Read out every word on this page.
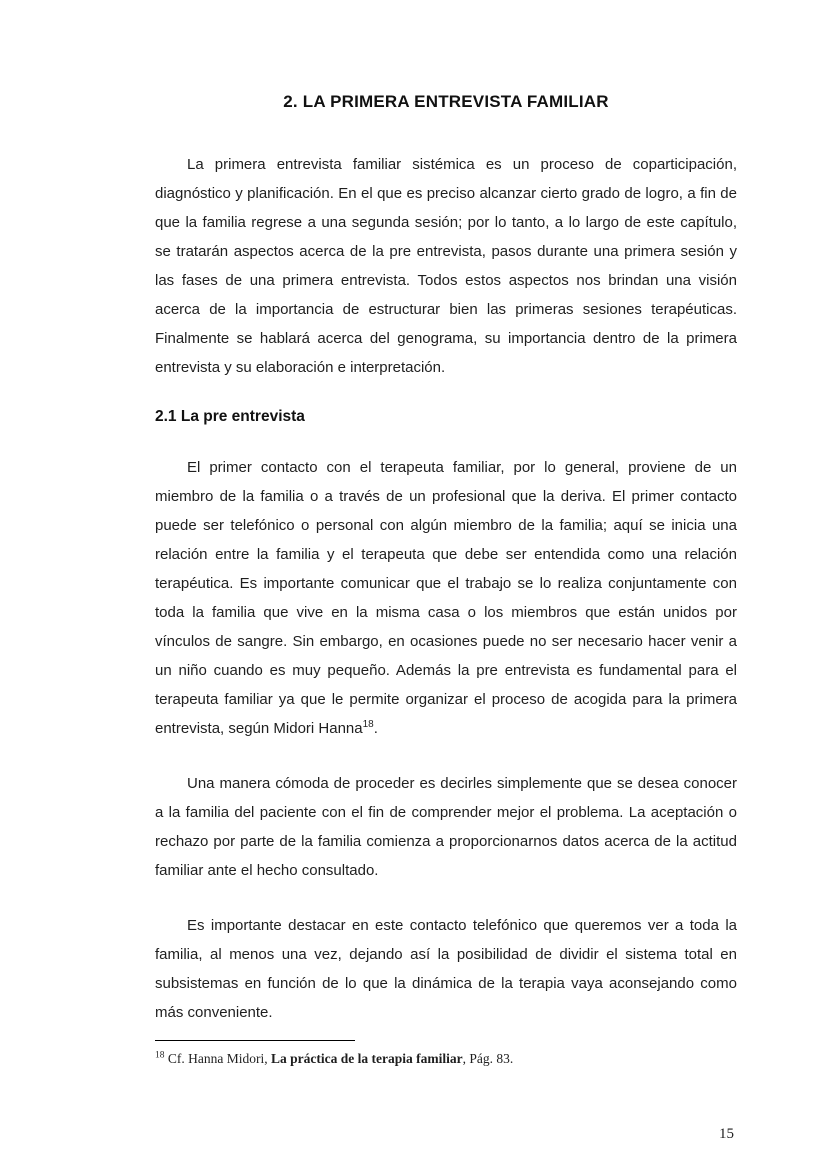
2. LA PRIMERA ENTREVISTA FAMILIAR

La primera entrevista familiar sistémica es un proceso de coparticipación, diagnóstico y planificación. En el que es preciso alcanzar cierto grado de logro, a fin de que la familia regrese a una segunda sesión; por lo tanto, a lo largo de este capítulo, se tratarán aspectos acerca de la pre entrevista, pasos durante una primera sesión y las fases de una primera entrevista. Todos estos aspectos nos brindan una visión acerca de la importancia de estructurar bien las primeras sesiones terapéuticas. Finalmente se hablará acerca del genograma, su importancia dentro de la primera entrevista y su elaboración e interpretación.

2.1 La pre entrevista

El primer contacto con el terapeuta familiar, por lo general, proviene de un miembro de la familia o a través de un profesional que la deriva. El primer contacto puede ser telefónico o personal con algún miembro de la familia; aquí se inicia una relación entre la familia y el terapeuta que debe ser entendida como una relación terapéutica. Es importante comunicar que el trabajo se lo realiza conjuntamente con toda la familia que vive en la misma casa o los miembros que están unidos por vínculos de sangre. Sin embargo, en ocasiones puede no ser necesario hacer venir a un niño cuando es muy pequeño. Además la pre entrevista es fundamental para el terapeuta familiar ya que le permite organizar el proceso de acogida para la primera entrevista, según Midori Hanna$^{18}$.

Una manera cómoda de proceder es decirles simplemente que se desea conocer a la familia del paciente con el fin de comprender mejor el problema. La aceptación o rechazo por parte de la familia comienza a proporcionarnos datos acerca de la actitud familiar ante el hecho consultado.

Es importante destacar en este contacto telefónico que queremos ver a toda la familia, al menos una vez, dejando así la posibilidad de dividir el sistema total en subsistemas en función de lo que la dinámica de la terapia vaya aconsejando como más conveniente.

$^{18}$ Cf. Hanna Midori, La práctica de la terapia familiar, Pág. 83.
15
